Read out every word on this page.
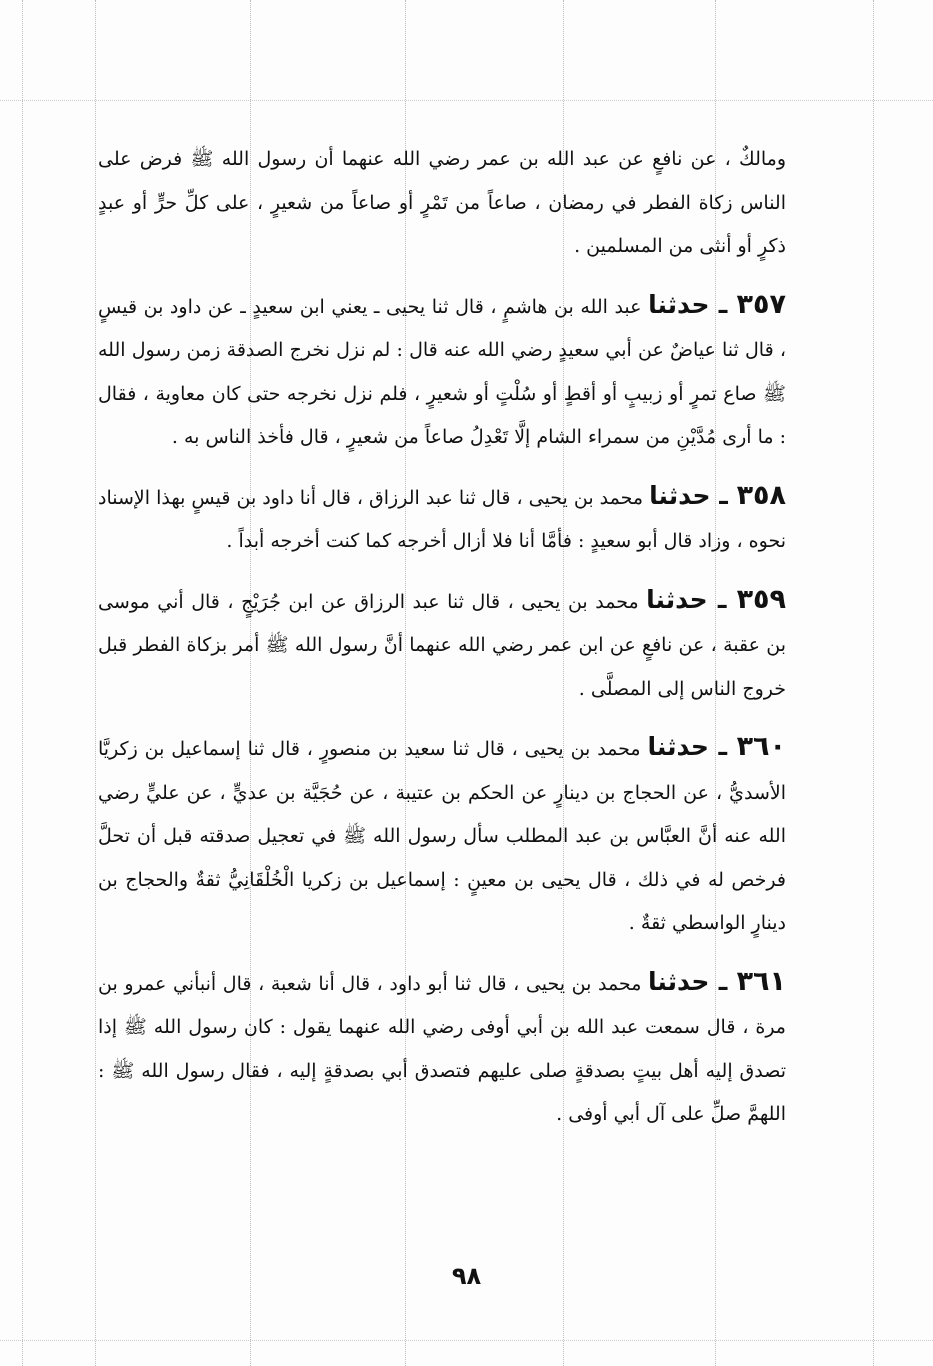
ومالكٌ ، عن نافعٍ عن عبد الله بن عمر رضي الله عنهما أن رسول الله ﷺ فرض على الناس زكاة الفطر في رمضان ، صاعاً من تَمْرٍ أو صاعاً من شعيرٍ ، على كلِّ حرٍّ أو عبدٍ ذكرٍ أو أنثى من المسلمين .

٣٥٧ ـ حدثنا عبد الله بن هاشمٍ ، قال ثنا يحيى ـ يعني ابن سعيدٍ ـ عن داود بن قيسٍ ، قال ثنا عياضٌ عن أبي سعيدٍ رضي الله عنه قال : لم نزل نخرج الصدقة زمن رسول الله ﷺ صاع تمرٍ أو زبيبٍ أو أقطٍ أو سُلْتٍ أو شعيرٍ ، فلم نزل نخرجه حتى كان معاوية ، فقال : ما أرى مُدَّيْنِ من سمراء الشام إلَّا تَعْدِلُ صاعاً من شعيرٍ ، قال فأخذ الناس به .

٣٥٨ ـ حدثنا محمد بن يحيى ، قال ثنا عبد الرزاق ، قال أنا داود بن قيسٍ بهذا الإسناد نحوه ، وزاد قال أبو سعيدٍ : فأمَّا أنا فلا أزال أخرجه كما كنت أخرجه أبداً .

٣٥٩ ـ حدثنا محمد بن يحيى ، قال ثنا عبد الرزاق عن ابن جُرَيْجٍ ، قال أني موسى بن عقبة ، عن نافعٍ عن ابن عمر رضي الله عنهما أنَّ رسول الله ﷺ أمر بزكاة الفطر قبل خروج الناس إلى المصلَّى .

٣٦٠ ـ حدثنا محمد بن يحيى ، قال ثنا سعيد بن منصورٍ ، قال ثنا إسماعيل بن زكريَّا الأسديُّ ، عن الحجاج بن دينارٍ عن الحكم بن عتيبة ، عن حُجَيَّة بن عديٍّ ، عن عليٍّ رضي الله عنه أنَّ العبَّاس بن عبد المطلب سأل رسول الله ﷺ في تعجيل صدقته قبل أن تحلَّ فرخص له في ذلك ، قال يحيى بن معينٍ : إسماعيل بن زكريا الْخُلْقَانِيُّ ثقةٌ والحجاج بن دينارٍ الواسطي ثقةٌ .

٣٦١ ـ حدثنا محمد بن يحيى ، قال ثنا أبو داود ، قال أنا شعبة ، قال أنبأني عمرو بن مرة ، قال سمعت عبد الله بن أبي أوفى رضي الله عنهما يقول : كان رسول الله ﷺ إذا تصدق إليه أهل بيتٍ بصدقةٍ صلى عليهم فتصدق أبي بصدقةٍ إليه ، فقال رسول الله ﷺ : اللهمَّ صلِّ على آل أبي أوفى .

٩٨
